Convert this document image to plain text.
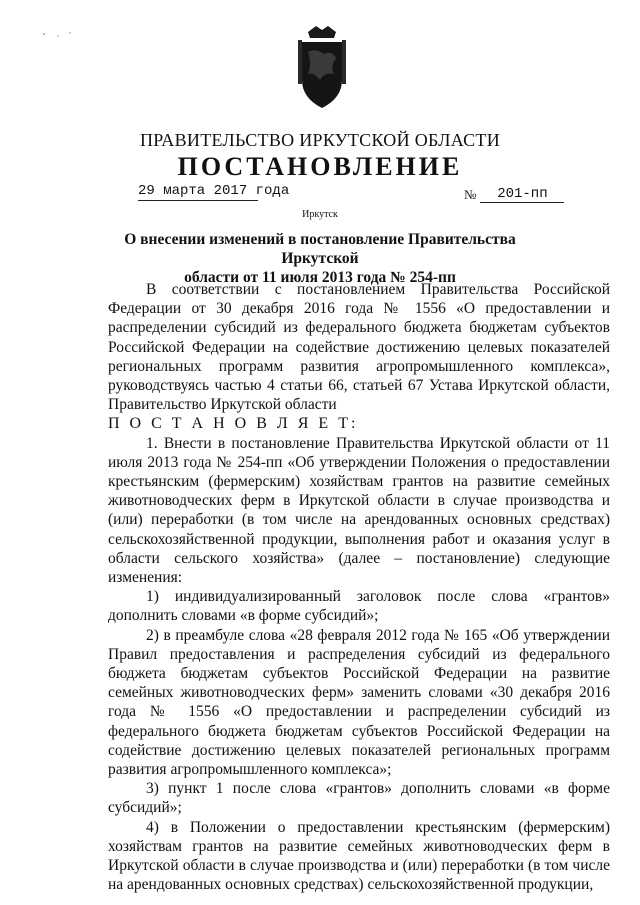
ПРАВИТЕЛЬСТВО ИРКУТСКОЙ ОБЛАСТИ
ПОСТАНОВЛЕНИЕ
29 марта 2017 года	№ 201-пп
Иркутск
О внесении изменений в постановление Правительства Иркутской
области от 11 июля 2013 года № 254-пп

В соответствии с постановлением Правительства Российской Федерации от 30 декабря 2016 года № 1556 «О предоставлении и распределении субсидий из федерального бюджета бюджетам субъектов Российской Федерации на содействие достижению целевых показателей региональных программ развития агропромышленного комплекса», руководствуясь частью 4 статьи 66, статьей 67 Устава Иркутской области, Правительство Иркутской области

П О С Т А Н О В Л Я Е Т:

1. Внести в постановление Правительства Иркутской области от 11 июля 2013 года № 254-пп «Об утверждении Положения о предоставлении крестьянским (фермерским) хозяйствам грантов на развитие семейных животноводческих ферм в Иркутской области в случае производства и (или) переработки (в том числе на арендованных основных средствах) сельскохозяйственной продукции, выполнения работ и оказания услуг в области сельского хозяйства» (далее – постановление) следующие изменения:

1) индивидуализированный заголовок после слова «грантов» дополнить словами «в форме субсидий»;

2) в преамбуле слова «28 февраля 2012 года № 165 «Об утверждении Правил предоставления и распределения субсидий из федерального бюджета бюджетам субъектов Российской Федерации на развитие семейных животноводческих ферм» заменить словами «30 декабря 2016 года № 1556 «О предоставлении и распределении субсидий из федерального бюджета бюджетам субъектов Российской Федерации на содействие достижению целевых показателей региональных программ развития агропромышленного комплекса»;

3) пункт 1 после слова «грантов» дополнить словами «в форме субсидий»;

4) в Положении о предоставлении крестьянским (фермерским) хозяйствам грантов на развитие семейных животноводческих ферм в Иркутской области в случае производства и (или) переработки (в том числе на арендованных основных средствах) сельскохозяйственной продукции,
